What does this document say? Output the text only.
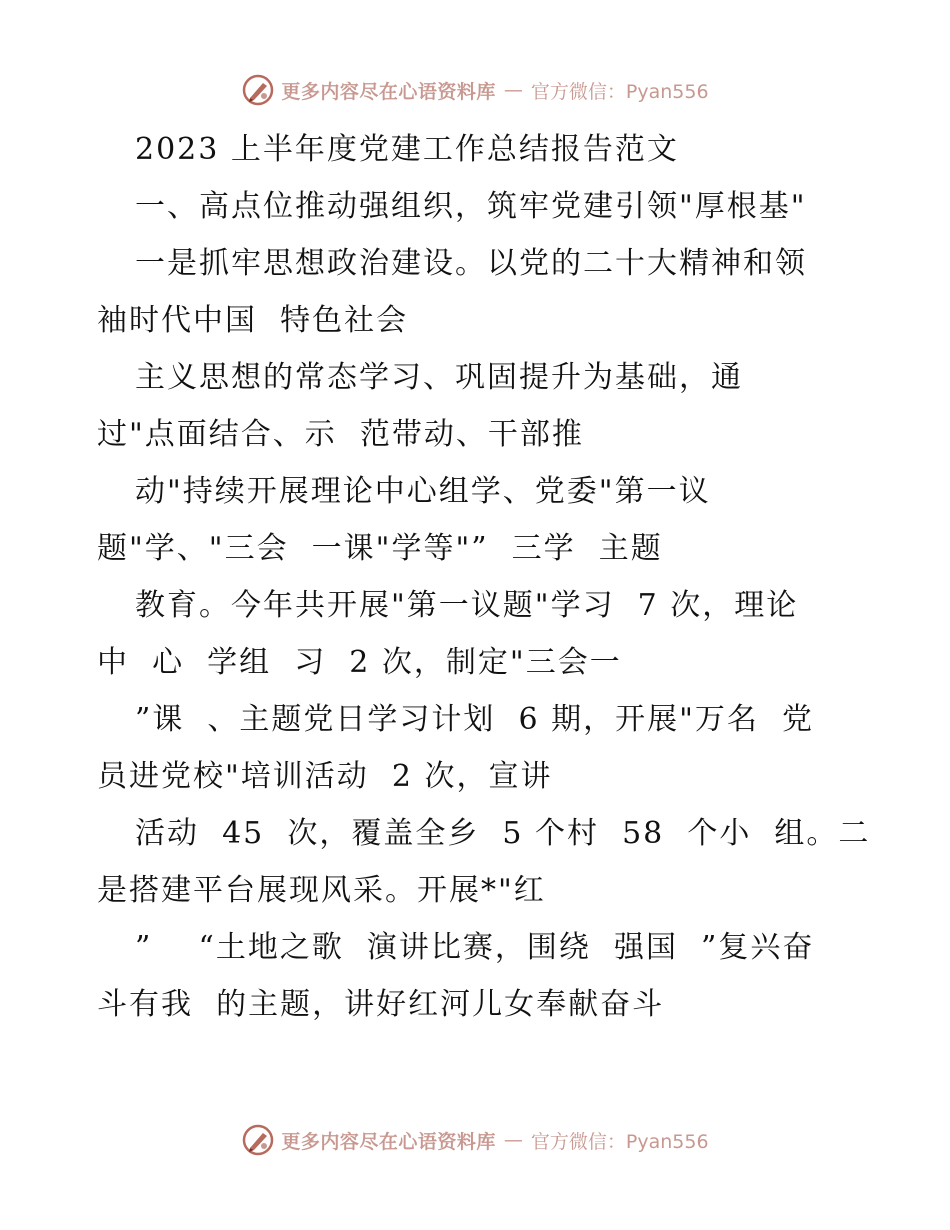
更多内容尽在心语资料库 — 官方微信：Pyan556
2023 上半年度党建工作总结报告范文
一、高点位推动强组织，筑牢党建引领"厚根基"
一是抓牢思想政治建设。以党的二十大精神和领
袖时代中国  特色社会
主义思想的常态学习、巩固提升为基础，通
过"点面结合、示  范带动、干部推
动"持续开展理论中心组学、党委"第一议
题"学、"三会  一课"学等"”  三学  主题
教育。今年共开展"第一议题"学习  7 次，理论
中  心  学组  习  2 次，制定"三会一
”课  、主题党日学习计划  6 期，开展"万名  党
员进党校"培训活动  2 次，宣讲
活动  45  次，覆盖全乡  5 个村  58  个小  组。二
是搭建平台展现风采。开展*"红
”    “土地之歌  演讲比赛，围绕  强国  ”复兴奋
斗有我  的主题，讲好红河儿女奉献奋斗
更多内容尽在心语资料库 — 官方微信：Pyan556
